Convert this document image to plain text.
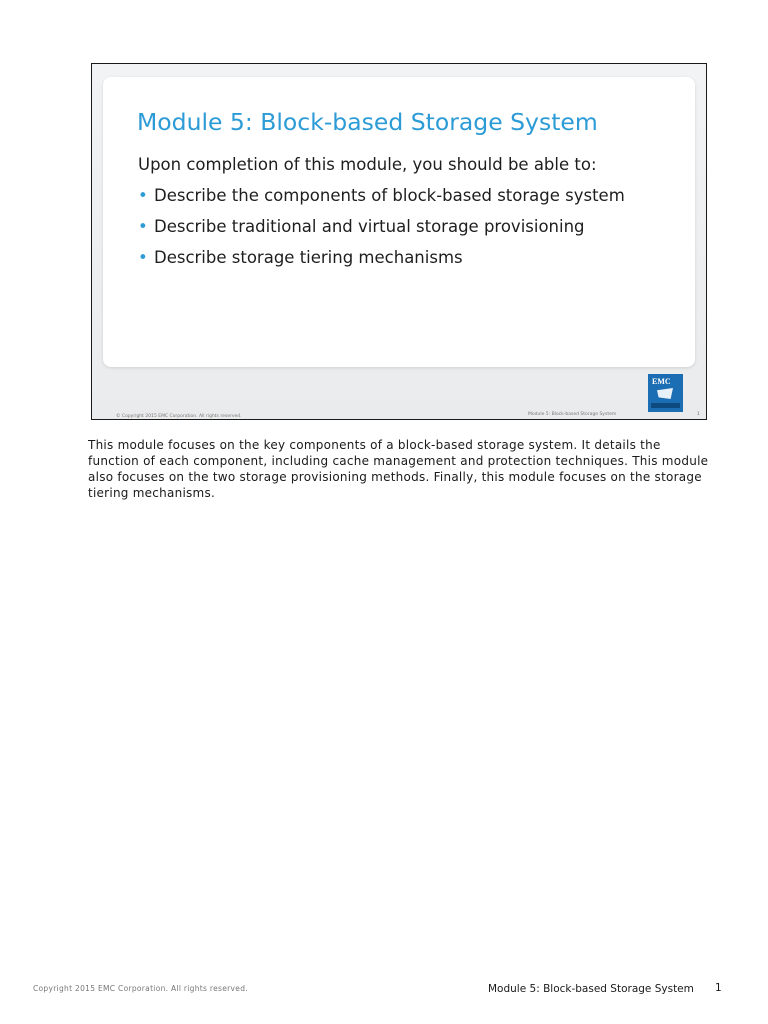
Module 5: Block-based Storage System
Upon completion of this module, you should be able to:
• Describe the components of block-based storage system
• Describe traditional and virtual storage provisioning
• Describe storage tiering mechanisms
EMC
© Copyright 2015 EMC Corporation. All rights reserved.	Module 5: Block-based Storage System	1

This module focuses on the key components of a block-based storage system. It details the function of each component, including cache management and protection techniques. This module also focuses on the two storage provisioning methods. Finally, this module focuses on the storage tiering mechanisms.

Copyright 2015 EMC Corporation. All rights reserved.	Module 5: Block-based Storage System 1
